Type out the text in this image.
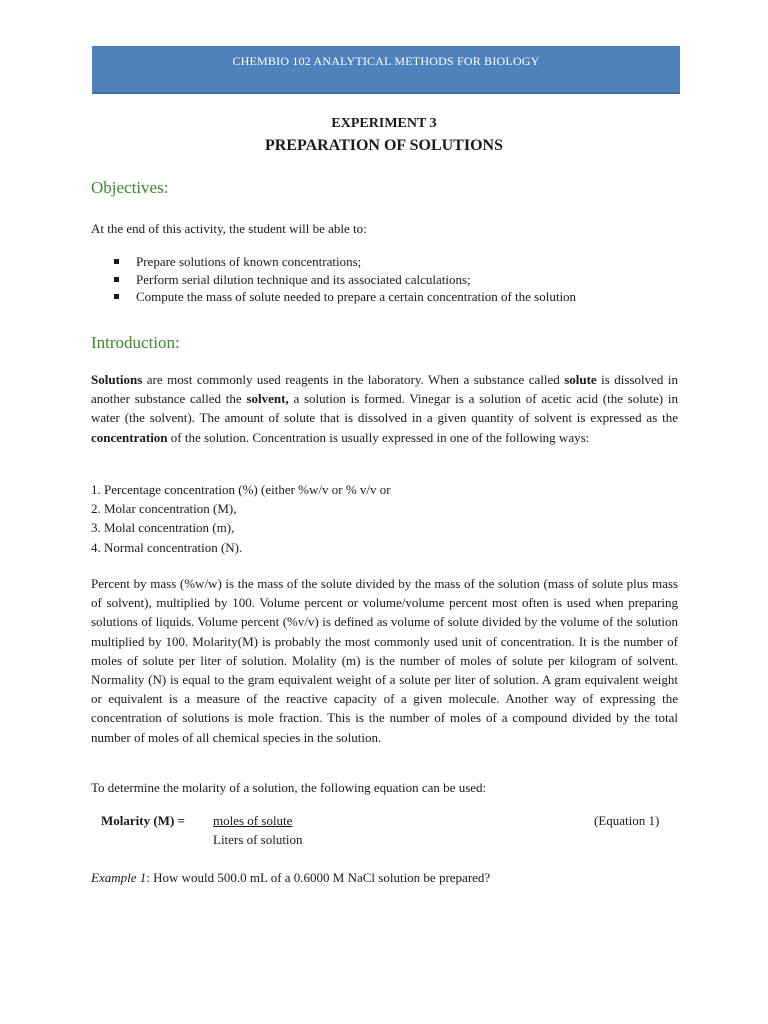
CHEMBIO 102 ANALYTICAL METHODS FOR BIOLOGY
EXPERIMENT 3
PREPARATION OF SOLUTIONS
Objectives:
At the end of this activity, the student will be able to:
Prepare solutions of known concentrations;
Perform serial dilution technique and its associated calculations;
Compute the mass of solute needed to prepare a certain concentration of the solution
Introduction:
Solutions are most commonly used reagents in the laboratory. When a substance called solute is dissolved in another substance called the solvent, a solution is formed. Vinegar is a solution of acetic acid (the solute) in water (the solvent). The amount of solute that is dissolved in a given quantity of solvent is expressed as the concentration of the solution. Concentration is usually expressed in one of the following ways:
1. Percentage concentration (%) (either %w/v or % v/v or
2. Molar concentration (M),
3. Molal concentration (m),
4. Normal concentration (N).
Percent by mass (%w/w) is the mass of the solute divided by the mass of the solution (mass of solute plus mass of solvent), multiplied by 100. Volume percent or volume/volume percent most often is used when preparing solutions of liquids. Volume percent (%v/v) is defined as volume of solute divided by the volume of the solution multiplied by 100. Molarity(M) is probably the most commonly used unit of concentration. It is the number of moles of solute per liter of solution. Molality (m) is the number of moles of solute per kilogram of solvent. Normality (N) is equal to the gram equivalent weight of a solute per liter of solution. A gram equivalent weight or equivalent is a measure of the reactive capacity of a given molecule. Another way of expressing the concentration of solutions is mole fraction. This is the number of moles of a compound divided by the total number of moles of all chemical species in the solution.
To determine the molarity of a solution, the following equation can be used:
Molarity (M) = moles of solute
Liters of solution
(Equation 1)
Example 1: How would 500.0 mL of a 0.6000 M NaCl solution be prepared?
